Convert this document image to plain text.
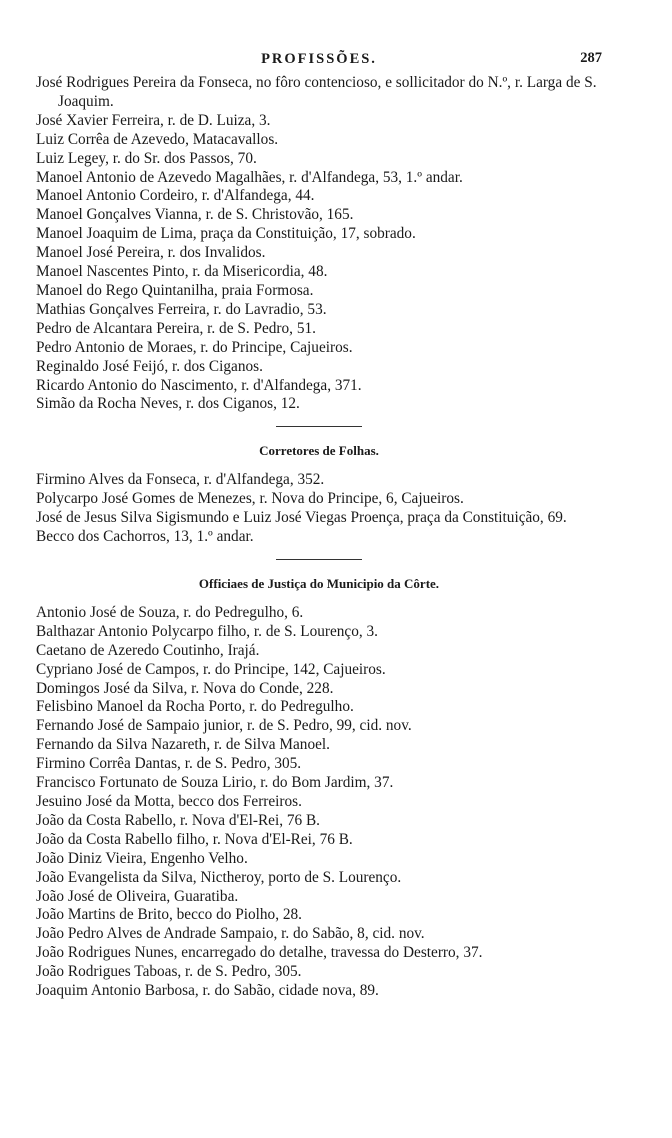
PROFISSÕES.	287
José Rodrigues Pereira da Fonseca, no fôro contencioso, e sollicitador do N.º, r. Larga de S. Joaquim.
José Xavier Ferreira, r. de D. Luiza, 3.
Luiz Corrêa de Azevedo, Matacavallos.
Luiz Legey, r. do Sr. dos Passos, 70.
Manoel Antonio de Azevedo Magalhães, r. d'Alfandega, 53, 1.º andar.
Manoel Antonio Cordeiro, r. d'Alfandega, 44.
Manoel Gonçalves Vianna, r. de S. Christovão, 165.
Manoel Joaquim de Lima, praça da Constituição, 17, sobrado.
Manoel José Pereira, r. dos Invalidos.
Manoel Nascentes Pinto, r. da Misericordia, 48.
Manoel do Rego Quintanilha, praia Formosa.
Mathias Gonçalves Ferreira, r. do Lavradio, 53.
Pedro de Alcantara Pereira, r. de S. Pedro, 51.
Pedro Antonio de Moraes, r. do Principe, Cajueiros.
Reginaldo José Feijó, r. dos Ciganos.
Ricardo Antonio do Nascimento, r. d'Alfandega, 371.
Simão da Rocha Neves, r. dos Ciganos, 12.
Corretores de Folhas.
Firmino Alves da Fonseca, r. d'Alfandega, 352.
Polycarpo José Gomes de Menezes, r. Nova do Principe, 6, Cajueiros.
José de Jesus Silva Sigismundo e Luiz José Viegas Proença, praça da Constituição, 69.
Becco dos Cachorros, 13, 1.º andar.
Officiaes de Justiça do Municipio da Côrte.
Antonio José de Souza, r. do Pedregulho, 6.
Balthazar Antonio Polycarpo filho, r. de S. Lourenço, 3.
Caetano de Azeredo Coutinho, Irajá.
Cypriano José de Campos, r. do Principe, 142, Cajueiros.
Domingos José da Silva, r. Nova do Conde, 228.
Felisbino Manoel da Rocha Porto, r. do Pedregulho.
Fernando José de Sampaio junior, r. de S. Pedro, 99, cid. nov.
Fernando da Silva Nazareth, r. de Silva Manoel.
Firmino Corrêa Dantas, r. de S. Pedro, 305.
Francisco Fortunato de Souza Lirio, r. do Bom Jardim, 37.
Jesuino José da Motta, becco dos Ferreiros.
João da Costa Rabello, r. Nova d'El-Rei, 76 B.
João da Costa Rabello filho, r. Nova d'El-Rei, 76 B.
João Diniz Vieira, Engenho Velho.
João Evangelista da Silva, Nictheroy, porto de S. Lourenço.
João José de Oliveira, Guaratiba.
João Martins de Brito, becco do Piolho, 28.
João Pedro Alves de Andrade Sampaio, r. do Sabão, 8, cid. nov.
João Rodrigues Nunes, encarregado do detalhe, travessa do Desterro, 37.
João Rodrigues Taboas, r. de S. Pedro, 305.
Joaquim Antonio Barbosa, r. do Sabão, cidade nova, 89.
